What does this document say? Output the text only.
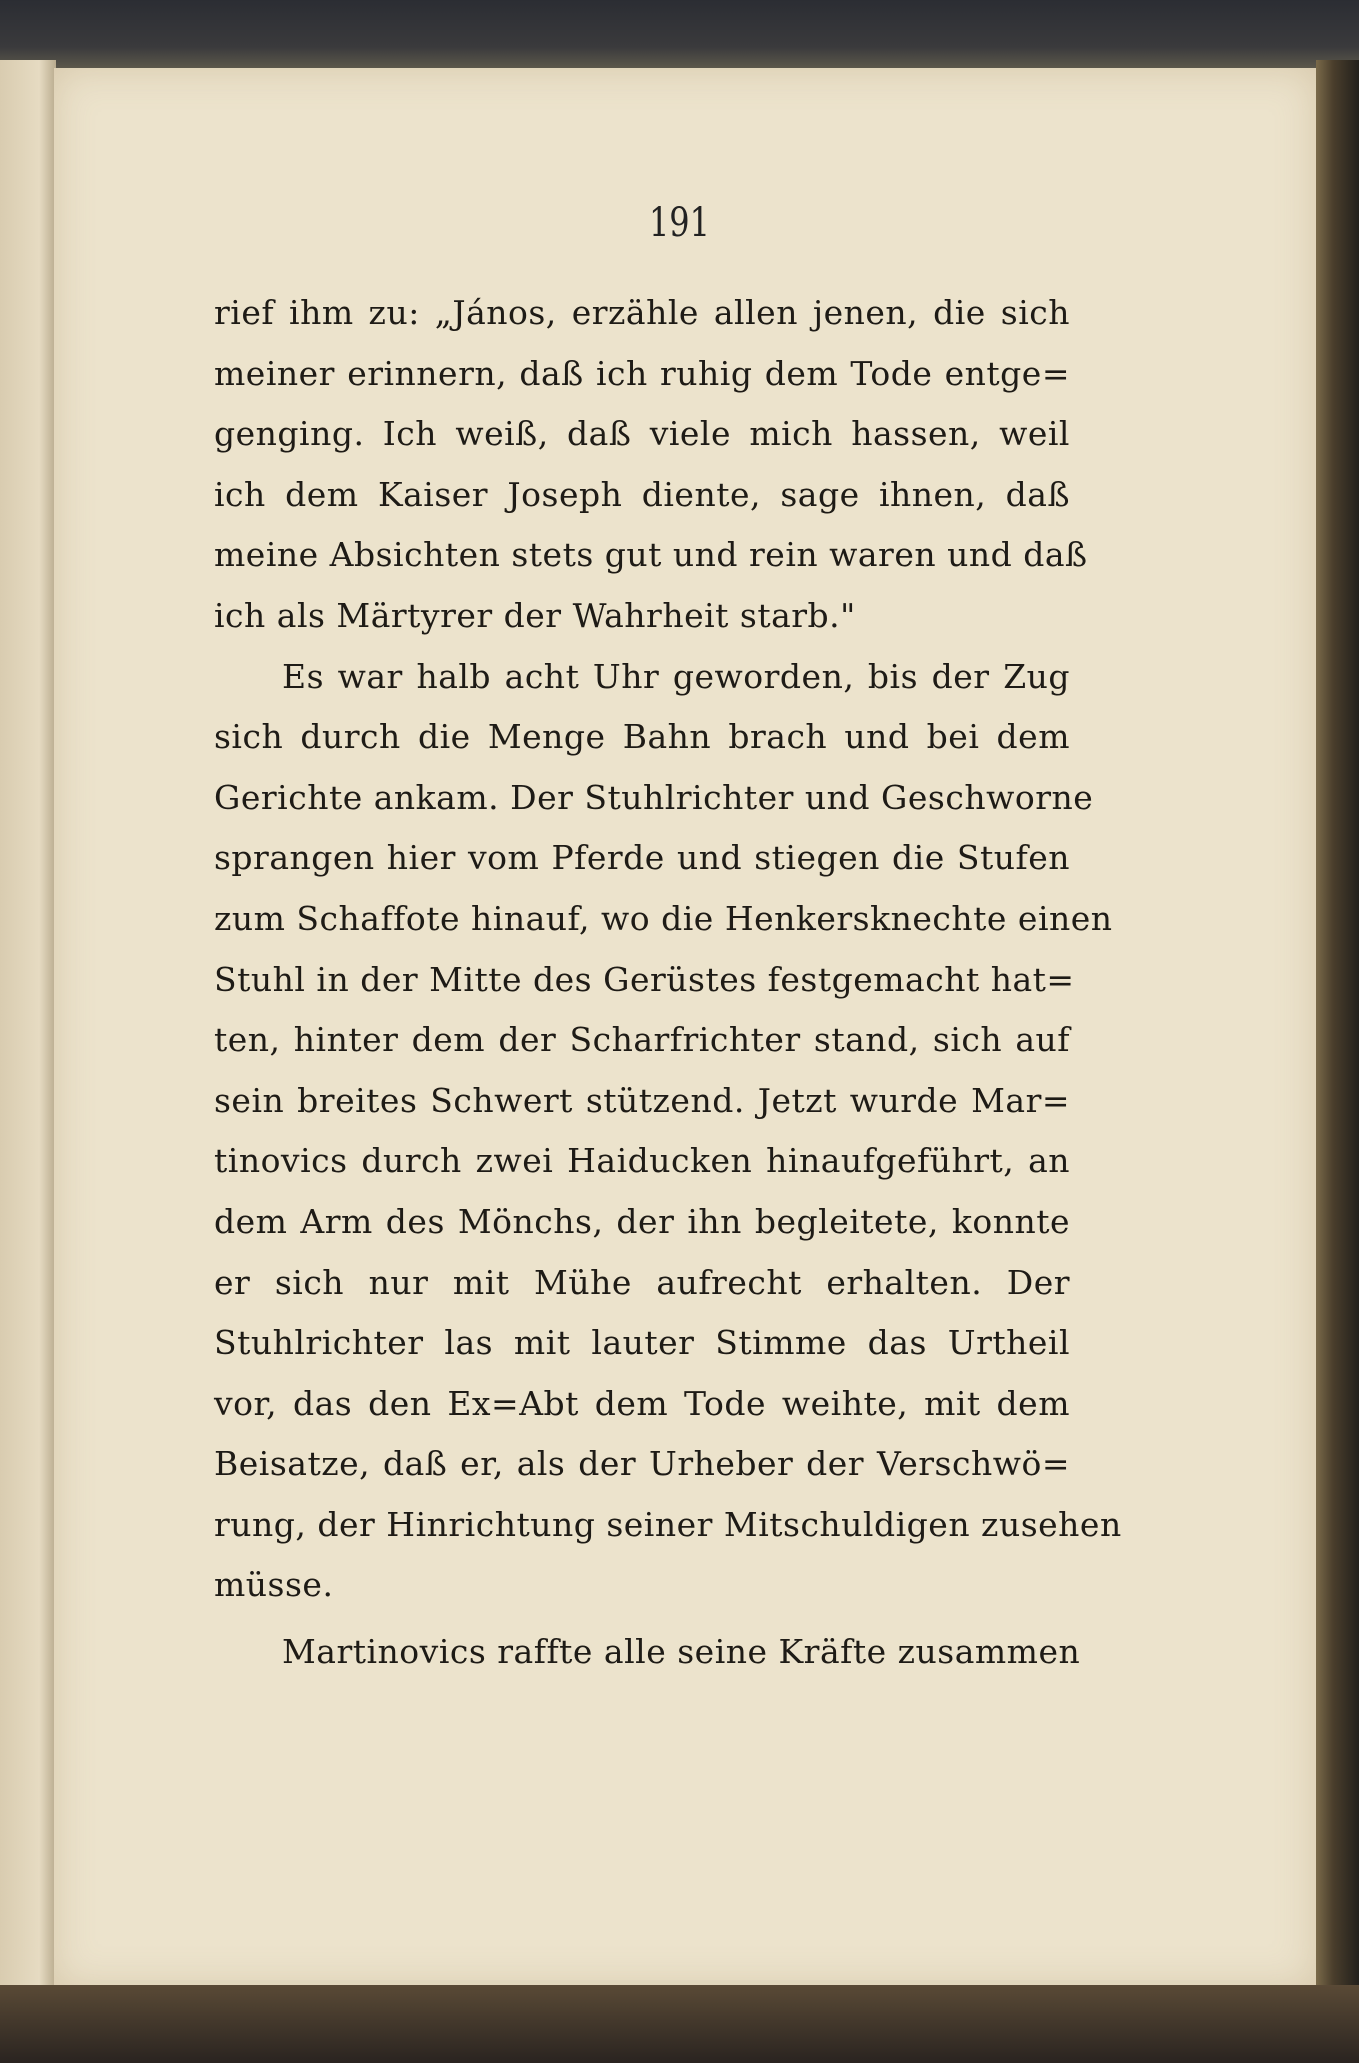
191
rief ihm zu: „János, erzähle allen jenen, die sich
meiner erinnern, daß ich ruhig dem Tode entge=
genging. Ich weiß, daß viele mich hassen, weil
ich dem Kaiser Joseph diente, sage ihnen, daß
meine Absichten stets gut und rein waren und daß
ich als Märtyrer der Wahrheit starb."
Es war halb acht Uhr geworden, bis der Zug
sich durch die Menge Bahn brach und bei dem
Gerichte ankam. Der Stuhlrichter und Geschworne
sprangen hier vom Pferde und stiegen die Stufen
zum Schaffote hinauf, wo die Henkersknechte einen
Stuhl in der Mitte des Gerüstes festgemacht hat=
ten, hinter dem der Scharfrichter stand, sich auf
sein breites Schwert stützend. Jetzt wurde Mar=
tinovics durch zwei Haiducken hinaufgeführt, an
dem Arm des Mönchs, der ihn begleitete, konnte
er sich nur mit Mühe aufrecht erhalten. Der
Stuhlrichter las mit lauter Stimme das Urtheil
vor, das den Ex=Abt dem Tode weihte, mit dem
Beisatze, daß er, als der Urheber der Verschwö=
rung, der Hinrichtung seiner Mitschuldigen zusehen
müsse.
Martinovics raffte alle seine Kräfte zusammen
